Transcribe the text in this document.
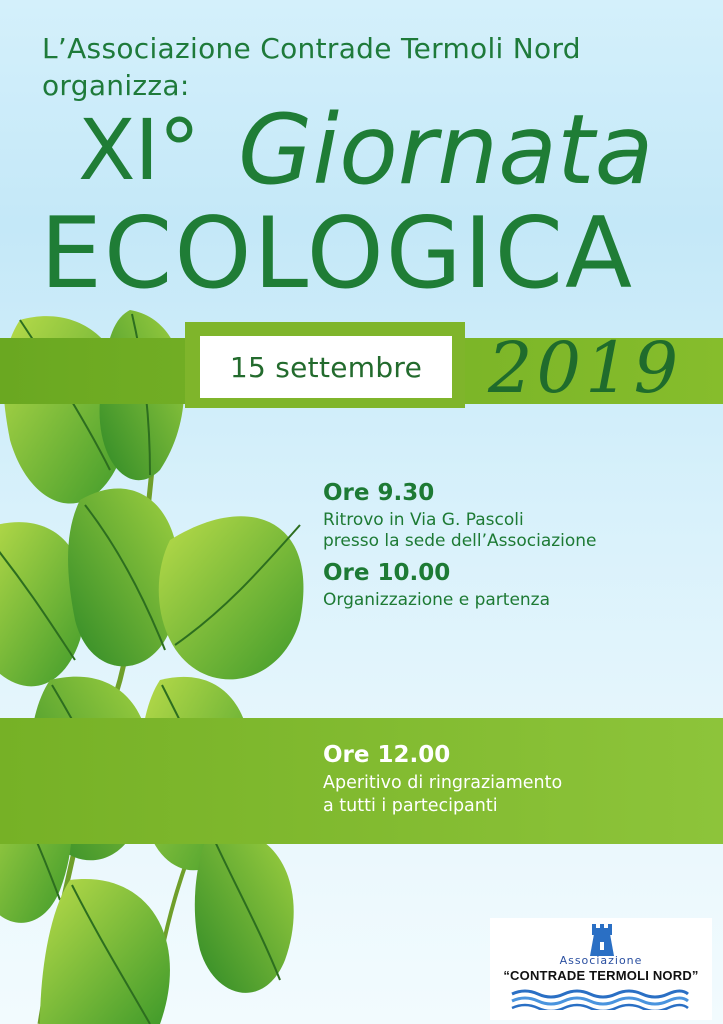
L’Associazione Contrade Termoli Nord
organizza:
XI° Giornata
ECOLOGICA
15 settembre 2019
Ore 9.30
Ritrovo in Via G. Pascoli
presso la sede dell’Associazione
Ore 10.00
Organizzazione e partenza
Ore 12.00
Aperitivo di ringraziamento
a tutti i partecipanti
Associazione
“CONTRADE TERMOLI NORD”
